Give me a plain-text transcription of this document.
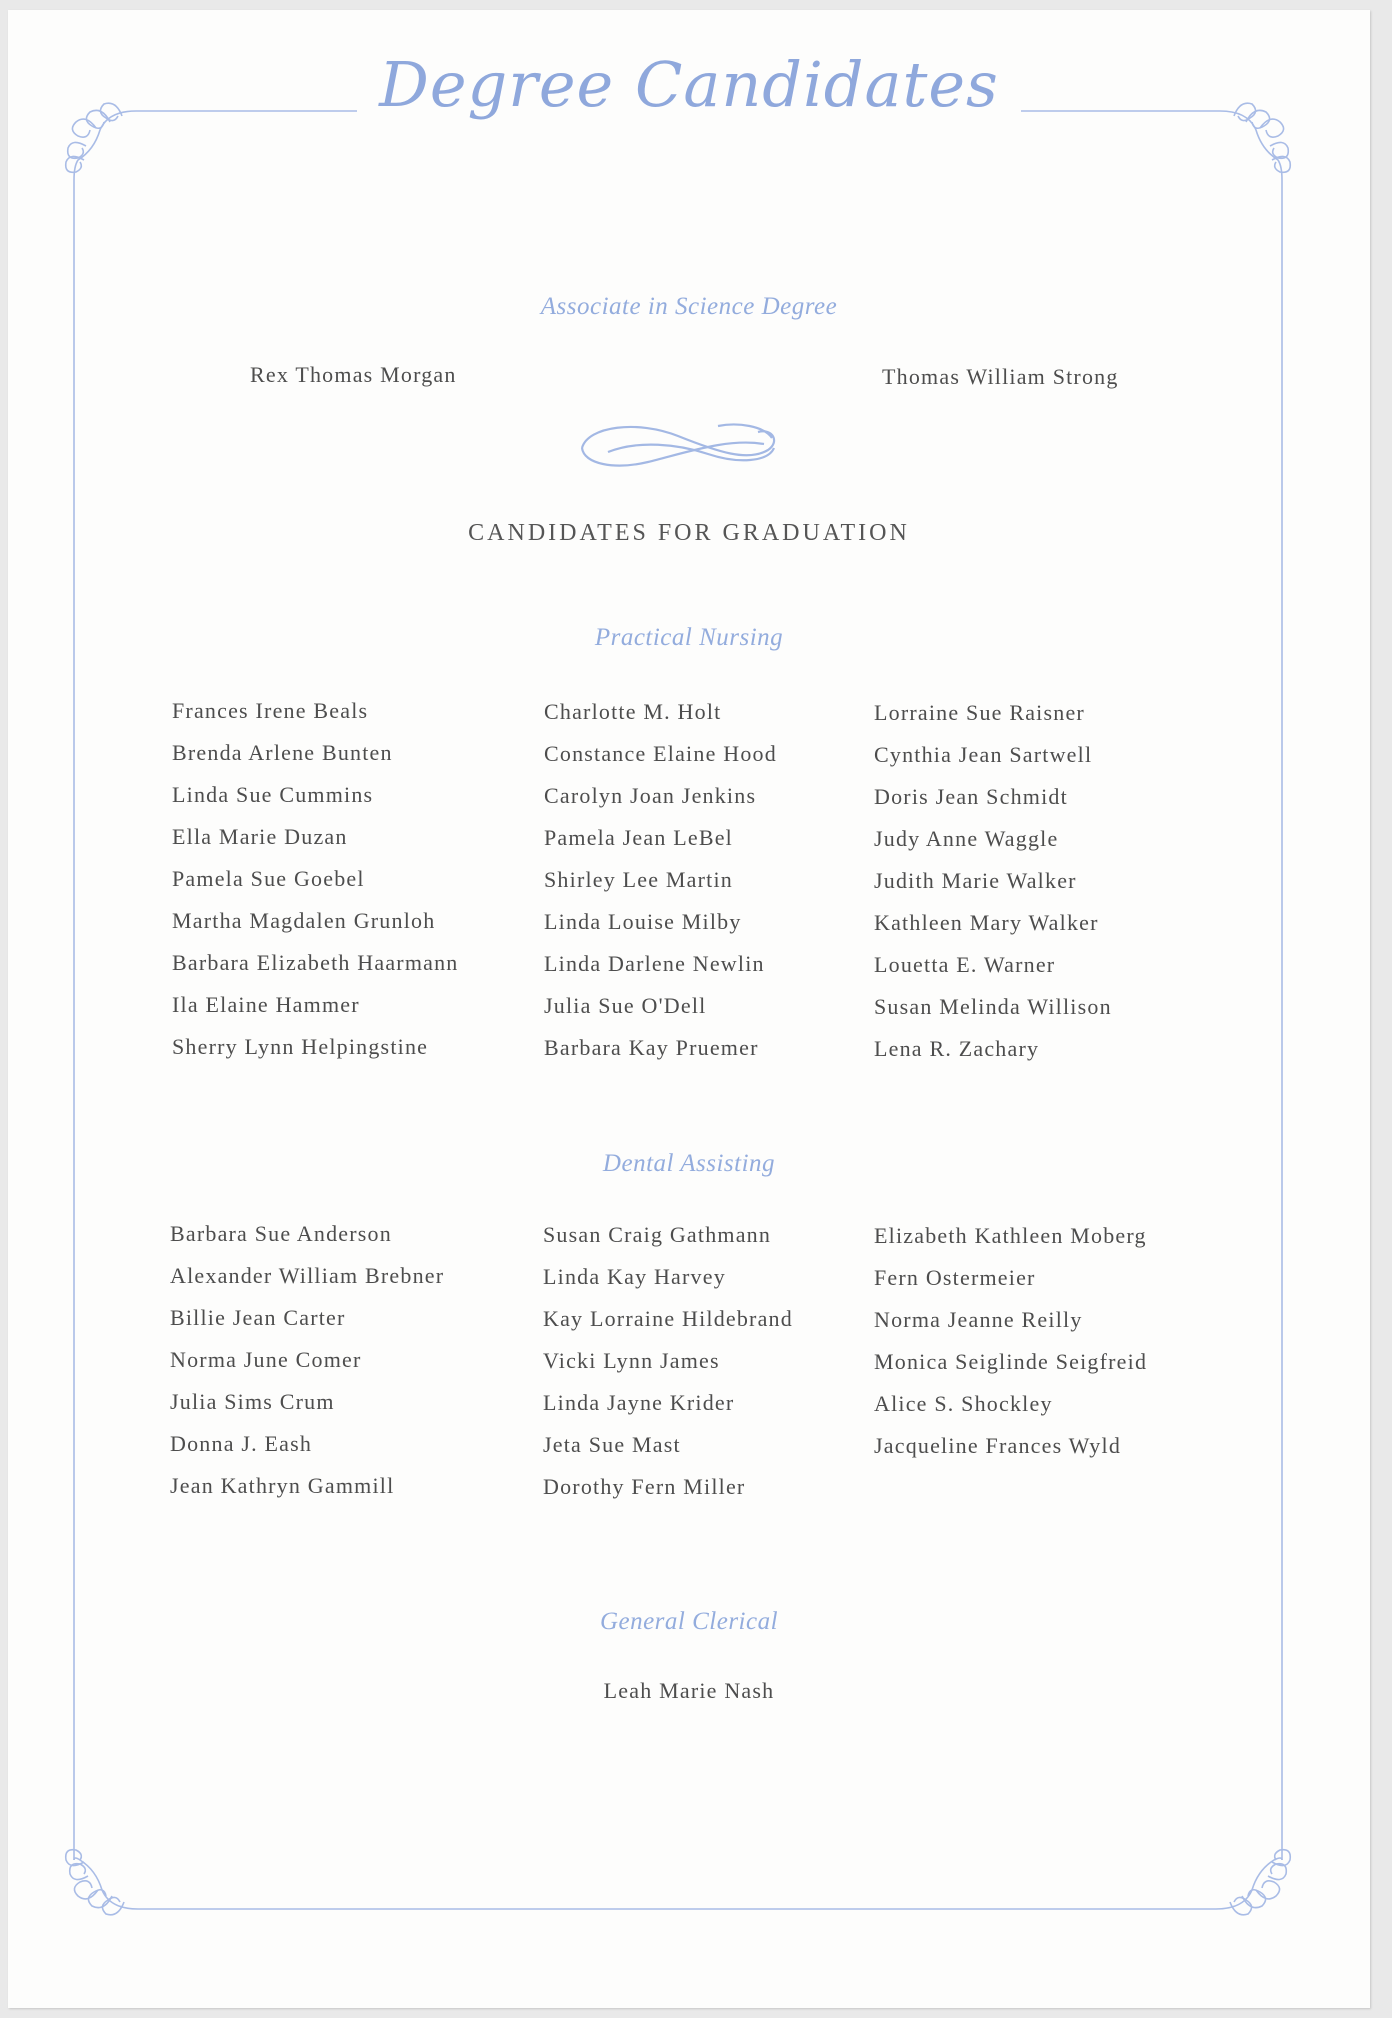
Degree Candidates
Associate in Science Degree
Rex Thomas Morgan	Thomas William Strong
CANDIDATES FOR GRADUATION
Practical Nursing
Frances Irene Beals
Brenda Arlene Bunten
Linda Sue Cummins
Ella Marie Duzan
Pamela Sue Goebel
Martha Magdalen Grunloh
Barbara Elizabeth Haarmann
Ila Elaine Hammer
Sherry Lynn Helpingstine
Charlotte M. Holt
Constance Elaine Hood
Carolyn Joan Jenkins
Pamela Jean LeBel
Shirley Lee Martin
Linda Louise Milby
Linda Darlene Newlin
Julia Sue O'Dell
Barbara Kay Pruemer
Lorraine Sue Raisner
Cynthia Jean Sartwell
Doris Jean Schmidt
Judy Anne Waggle
Judith Marie Walker
Kathleen Mary Walker
Louetta E. Warner
Susan Melinda Willison
Lena R. Zachary
Dental Assisting
Barbara Sue Anderson
Alexander William Brebner
Billie Jean Carter
Norma June Comer
Julia Sims Crum
Donna J. Eash
Jean Kathryn Gammill
Susan Craig Gathmann
Linda Kay Harvey
Kay Lorraine Hildebrand
Vicki Lynn James
Linda Jayne Krider
Jeta Sue Mast
Dorothy Fern Miller
Elizabeth Kathleen Moberg
Fern Ostermeier
Norma Jeanne Reilly
Monica Seiglinde Seigfreid
Alice S. Shockley
Jacqueline Frances Wyld
General Clerical
Leah Marie Nash
